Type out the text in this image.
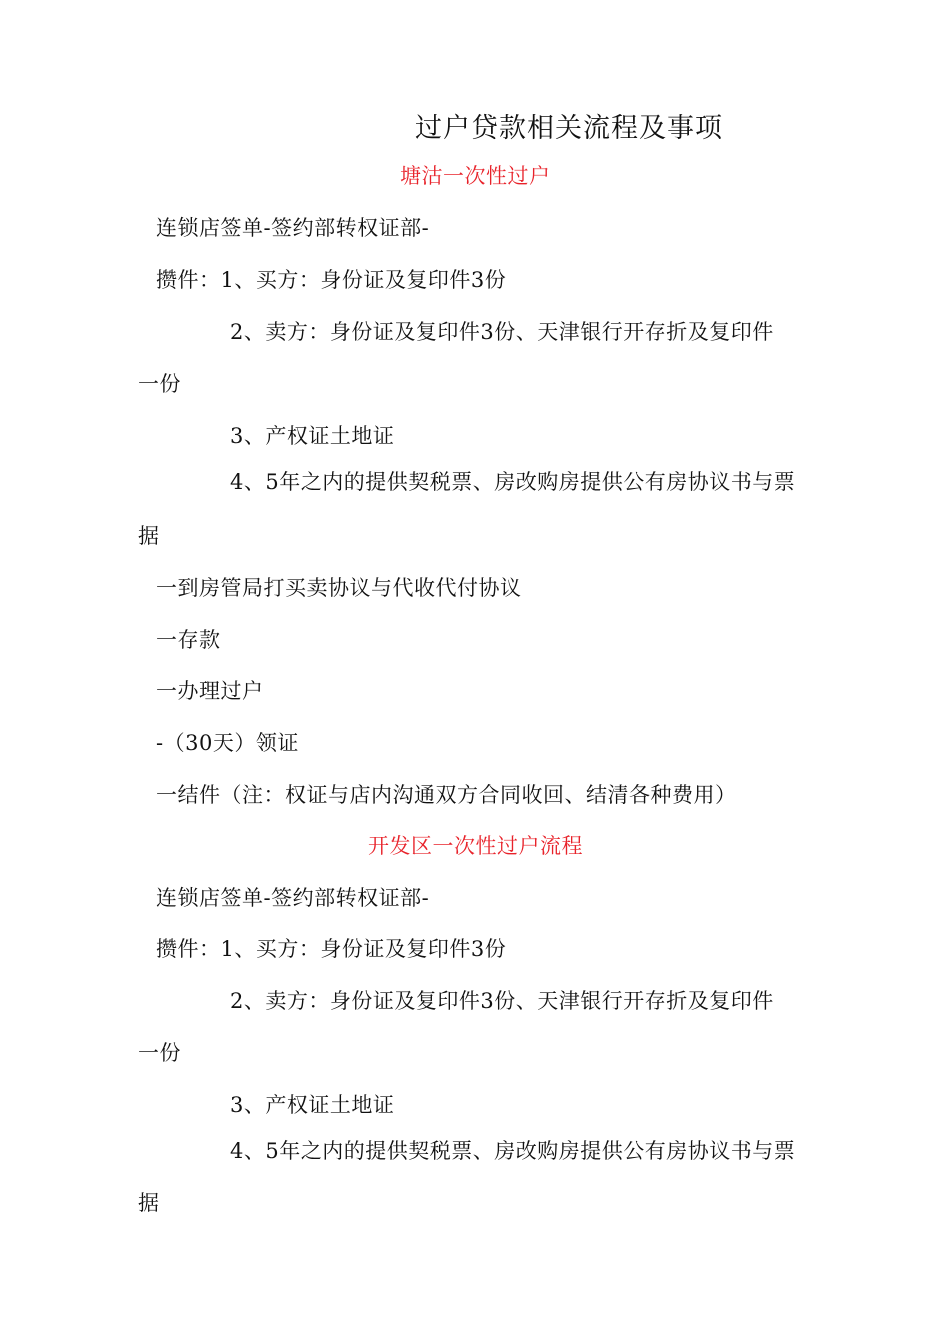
过户贷款相关流程及事项
塘沽一次性过户
连锁店签单-签约部转权证部-
攒件：1、买方：身份证及复印件3份
2、卖方：身份证及复印件3份、天津银行开存折及复印件
一份
3、产权证土地证
4、5年之内的提供契税票、房改购房提供公有房协议书与票
据
一到房管局打买卖协议与代收代付协议
一存款
一办理过户
-（30天）领证
一结件（注：权证与店内沟通双方合同收回、结清各种费用）
开发区一次性过户流程
连锁店签单-签约部转权证部-
攒件：1、买方：身份证及复印件3份
2、卖方：身份证及复印件3份、天津银行开存折及复印件
一份
3、产权证土地证
4、5年之内的提供契税票、房改购房提供公有房协议书与票
据
